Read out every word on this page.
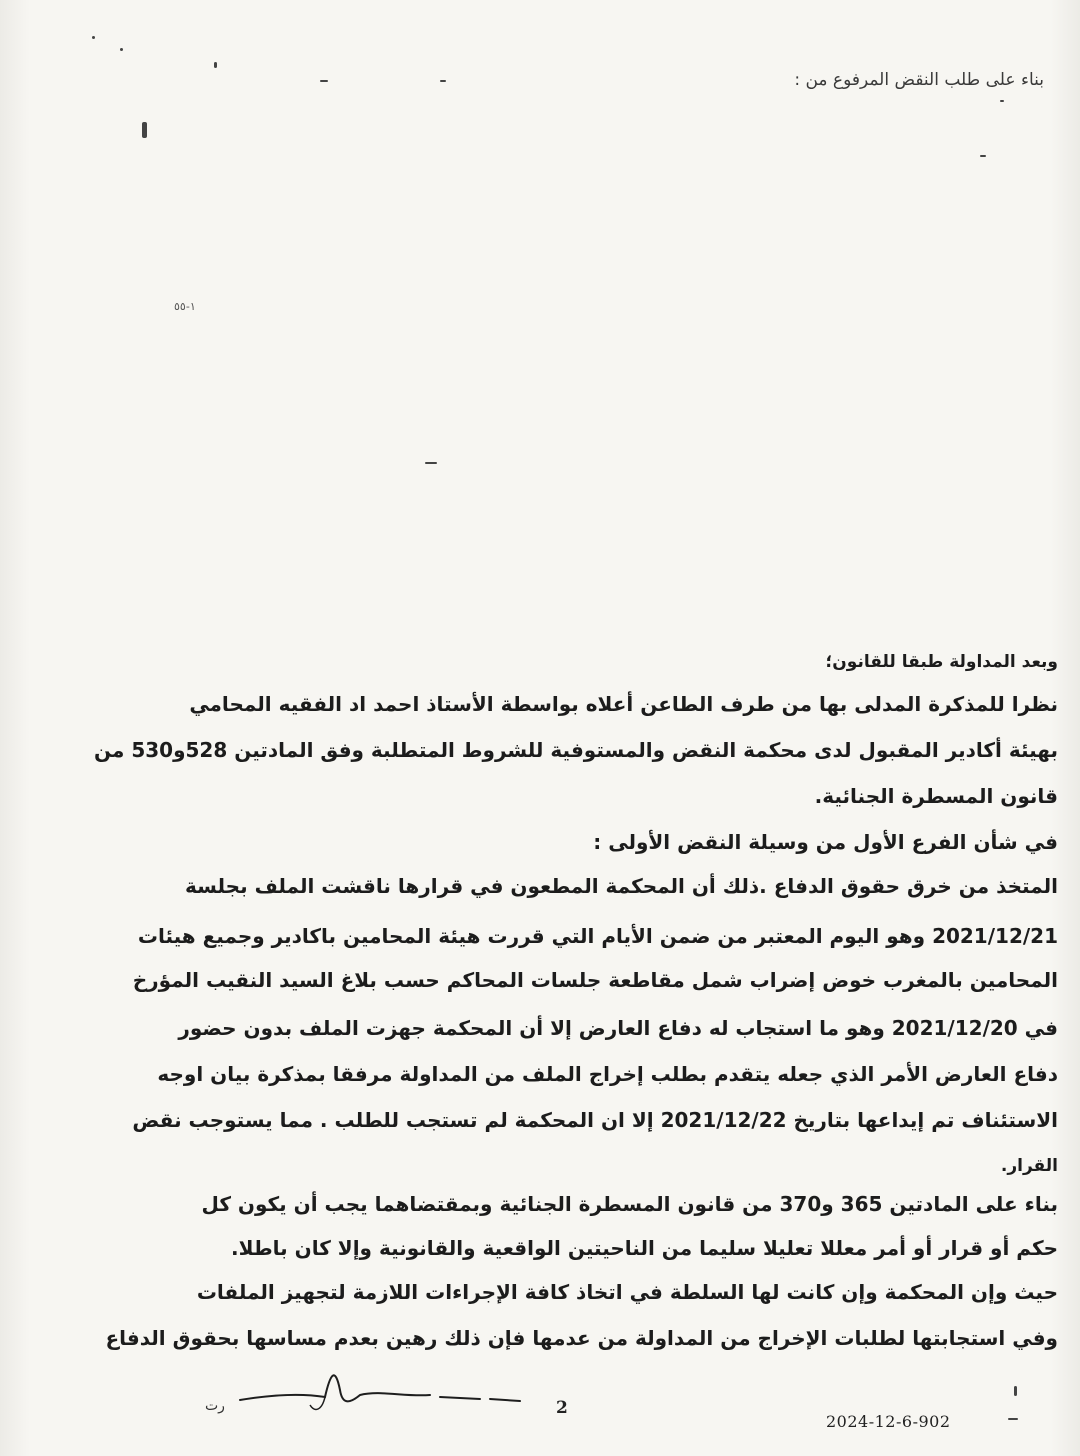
بناء على طلب النقض المرفوع من :
١-٥٥
وبعد المداولة طبقا للقانون؛
نظرا للمذكرة المدلى بها من طرف الطاعن أعلاه بواسطة الأستاذ احمد اد الفقيه المحامي
بهيئة أكادير المقبول لدى محكمة النقض والمستوفية للشروط المتطلبة وفق المادتين 528و530 من
قانون المسطرة الجنائية.
في شأن الفرع الأول من وسيلة النقض الأولى :
المتخذ من خرق حقوق الدفاع .ذلك أن المحكمة المطعون في قرارها ناقشت الملف بجلسة
2021/12/21 وهو اليوم المعتبر من ضمن الأيام التي قررت هيئة المحامين باكادير وجميع هيئات
المحامين بالمغرب خوض إضراب شمل مقاطعة جلسات المحاكم حسب بلاغ السيد النقيب المؤرخ
في 2021/12/20 وهو ما استجاب له دفاع العارض إلا أن المحكمة جهزت الملف بدون حضور
دفاع العارض الأمر الذي جعله يتقدم بطلب إخراج الملف من المداولة مرفقا بمذكرة بيان اوجه
الاستئناف تم إيداعها بتاريخ 2021/12/22 إلا ان المحكمة لم تستجب للطلب . مما يستوجب نقض
القرار.
بناء على المادتين 365 و370 من قانون المسطرة الجنائية وبمقتضاهما يجب أن يكون كل
حكم أو قرار أو أمر معللا تعليلا سليما من الناحيتين الواقعية والقانونية وإلا كان باطلا.
حيث وإن المحكمة وإن كانت لها السلطة في اتخاذ كافة الإجراءات اللازمة لتجهيز الملفات
وفي استجابتها لطلبات الإخراج من المداولة من عدمها فإن ذلك رهين بعدم مساسها بحقوق الدفاع
رت	2
2024-12-6-902
